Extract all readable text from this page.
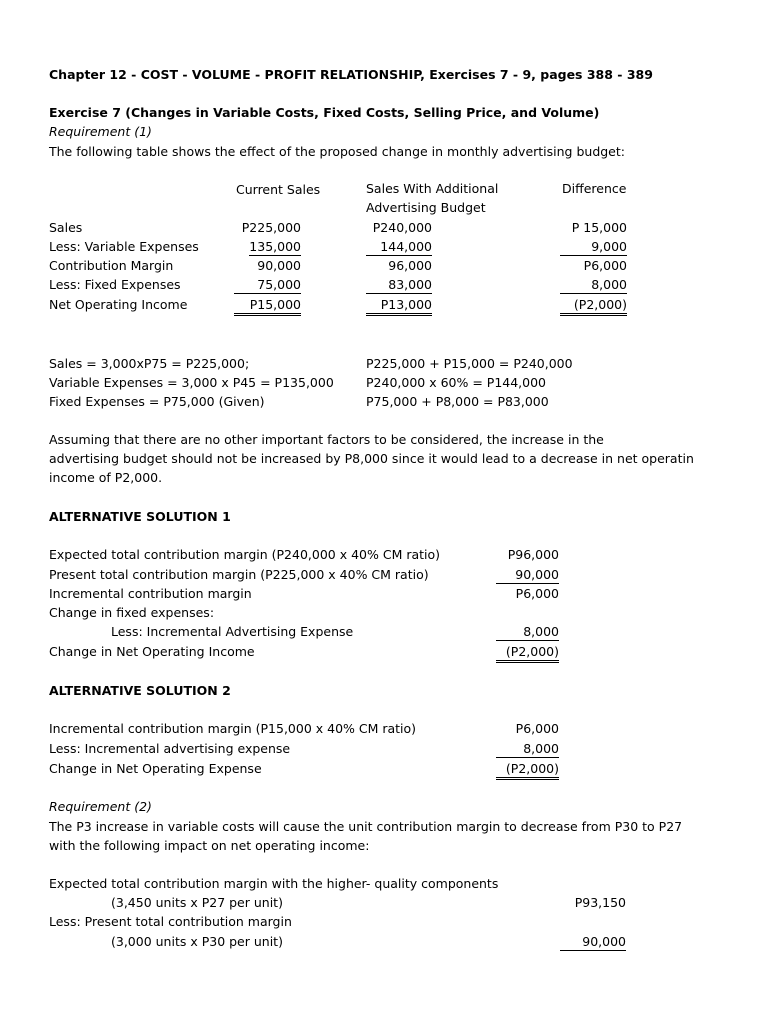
Chapter 12 - COST - VOLUME - PROFIT RELATIONSHIP, Exercises 7 - 9, pages 388 - 389
Exercise 7 (Changes in Variable Costs, Fixed Costs, Selling Price, and Volume)
Requirement (1)
The following table shows the effect of the proposed change in monthly advertising budget:
Current Sales	Sales With Additional
Advertising Budget
Difference
Sales
Less: Variable Expenses
Contribution Margin
Less: Fixed Expenses
Net Operating Income
P225,000
135,000
90,000
75,000
P15,000
P240,000
144,000
96,000
83,000
P13,000
P 15,000
9,000
P6,000
8,000
(P2,000)
Sales = 3,000xP75 = P225,000;
Variable Expenses = 3,000 x P45 = P135,000
Fixed Expenses = P75,000 (Given)
P225,000 + P15,000 = P240,000
P240,000 x 60% = P144,000
P75,000 + P8,000 = P83,000
Assuming that there are no other important factors to be considered, the increase in the
advertising budget should not be increased by P8,000 since it would lead to a decrease in net operatin
income of P2,000.
ALTERNATIVE SOLUTION 1
Expected total contribution margin (P240,000 x 40% CM ratio)
Present total contribution margin (P225,000 x 40% CM ratio)
Incremental contribution margin
Change in fixed expenses:
Less: Incremental Advertising Expense
Change in Net Operating Income
P96,000
90,000
P6,000
8,000
(P2,000)
ALTERNATIVE SOLUTION 2
Incremental contribution margin (P15,000 x 40% CM ratio)
Less: Incremental advertising expense
Change in Net Operating Expense
P6,000
8,000
(P2,000)
Requirement (2)
The P3 increase in variable costs will cause the unit contribution margin to decrease from P30 to P27
with the following impact on net operating income:
Expected total contribution margin with the higher- quality components
(3,450 units x P27 per unit)
Less: Present total contribution margin
(3,000 units x P30 per unit)
P93,150
90,000
